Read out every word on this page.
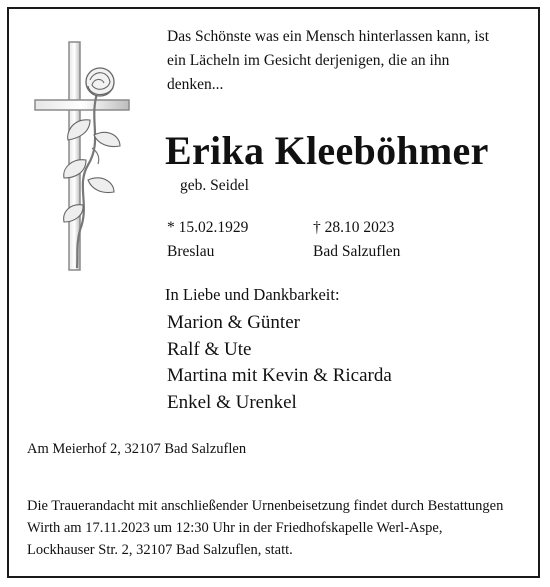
Das Schönste was ein Mensch hinterlassen kann, ist
ein Lächeln im Gesicht derjenigen, die an ihn
denken...
Erika Kleeböhmer
geb. Seidel
* 15.02.1929
Breslau
† 28.10 2023
Bad Salzuflen
In Liebe und Dankbarkeit:
Marion & Günter
Ralf & Ute
Martina mit Kevin & Ricarda
Enkel & Urenkel
Am Meierhof 2, 32107 Bad Salzuflen
Die Trauerandacht mit anschließender Urnenbeisetzung findet durch Bestattungen
Wirth am 17.11.2023 um 12:30 Uhr in der Friedhofskapelle Werl-Aspe,
Lockhauser Str. 2, 32107 Bad Salzuflen, statt.
